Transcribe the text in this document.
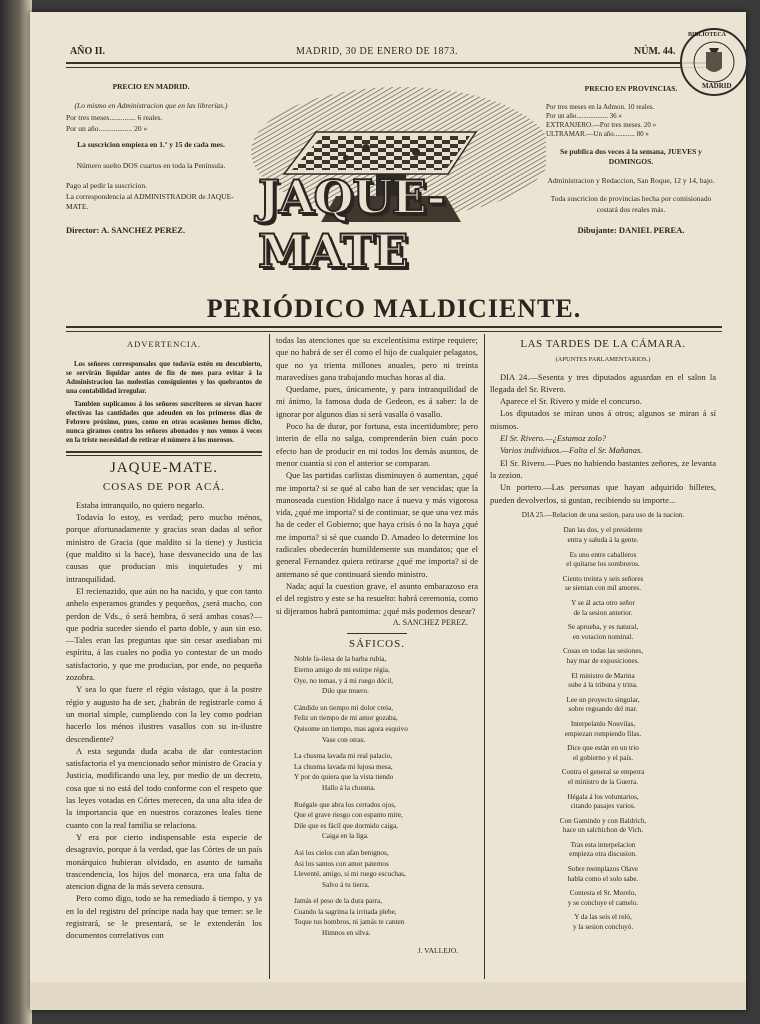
AÑO II.	MADRID, 30 DE ENERO DE 1873.	NÚM. 44.
BIBLIOTECA
MADRID
PRECIO EN MADRID.
(Lo mismo en Administracion que en las librerías.)
Por tres meses.............. 6 reales.
Por un año.................. 20 »
La suscricion empieza en 1.º y 15 de cada mes.
Número suelto DOS cuartos en toda la Península.
Pago al pedir la suscricion.
La correspondencia al ADMINISTRADOR de JAQUE-MATE.
Director: A. SANCHEZ PEREZ.
JAQUE-MATE
PRECIO EN PROVINCIAS.
Por tres meses en la Admon. 10 reales.
Por un año.................. 36 »
EXTRANJERO.—Por tres meses. 20 »
ULTRAMAR.—Un año............ 80 »
Se publica dos veces á la semana, JUEVES y DOMINGOS.
Administracion y Redaccion, San Roque, 12 y 14, bajo.
Toda suscricion de provincias hecha por comisionado costará dos reales más.
Dibujante: DANIEL PEREA.
PERIÓDICO MALDICIENTE.
ADVERTENCIA.
Los señores corresponsales que todavía estén en descubierto, se servirán liquidar antes de fin de mes para evitar á la Administracion las molestias consiguientes y los quebrantos de una contabilidad irregular.
Tambien suplicamos á los señores suscritores se sirvan hacer efectivas las cantidades que adeuden en los primeros dias de Febrero próximo, pues, como en otras ocasiones hemos dicho, nunca giramos contra los señores abonados y nos vemos á veces en la triste necesidad de retirar el número á los morosos.
JAQUE-MATE.
COSAS DE POR ACÁ.

Estaba intranquilo, no quiero negarlo.

Todavía lo estoy, es verdad; pero mucho ménos, porque afortunadamente y gracias sean dadas al señor ministro de Gracia (que maldito si la tiene) y Justicia (que maldito si la hace), hase desvanecido una de las causas que producian mis inquietudes y mi intranquilidad.

El recienazido, que aún no ha nacido, y que con tanto anhelo esperamos grandes y pequeños, ¿será macho, con perdon de Vds., ó será hembra, ó será ambas cosas?—que podria suceder siendo el parto doble, y aun sin eso.—Tales eran las preguntas que sin cesar asediaban mi espíritu, á las cuales no podia yo contestar de un modo satisfactorio, y que me producian, por ende, no pequeña zozobra.

Y sea lo que fuere el régio vástago, que á la postre régio y augusto ha de ser, ¿habrán de registrarle como á un mortal simple, cumpliendo con la ley como podrian hacerlo los ménos ilustres vasallos con su in-ilustre descendiente?

A esta segunda duda acaba de dar contestacion satisfactoria el ya mencionado señor ministro de Gracia y Justicia, modificando una ley, por medio de un decreto, cosa que si no está del todo conforme con el respeto que las leyes votadas en Córtes merecen, da una alta idea de la importancia que en nuestros corazones leales tiene cuanto con la real familia se relaciona.

Y era por cierto indispensable esta especie de desagravio, porque á la verdad, que las Córtes de un país monárquico hubieran olvidado, en asunto de tamaña trascendencia, los hijos del monarca, era una falta de atencion digna de la más severa censura.

Pero como digo, todo se ha remediado á tiempo, y ya en lo del registro del príncipe nada hay que temer: se le registrará, se le presentará, se le extenderán los documentos correlativos con

todas las atenciones que su excelentísima estirpe requiere; que no habrá de ser él como el hijo de cualquier pelagatos, que no ya trienta millones anuales, pero ni treinta maravedises gana trabajando muchas horas al dia.

Quedame, pues, únicamente, y para intranquilidad de mi ánimo, la famosa duda de Gedeon, es á saber: la de ignorar por algunos dias si será vasalla ó vasallo.

Poco ha de durar, por fortuna, esta incertidumbre; pero interin de ella no salga, comprenderán bien cuán poco efecto han de producir en mi todos los demás asuntos, de menor cuantía si con el anterior se comparan.

Que las partidas carlistas disminuyen ó aumentan, ¿qué me importa? si se qué al cabo han de ser vencidas; que la manoseada cuestion Hidalgo nace á nueva y más vigorosa vida, ¿qué me importa? si de continuar, se que una vez más ha de ceder el Gobierno; que haya crisis ó no la haya ¿qué me importa? si sé que cuando D. Amadeo lo determine los radicales obedecerán humildemente sus mandatos; que el general Fernandez quiera retirarse ¿qué me importa? si de antemano sé que continuará siendo ministro.

Nada; aquí la cuestion grave, el asunto embarazoso era el del registro y este se ha resuelto: habrá ceremonia, como si dijeramos habrá pantomima: ¿qué más podemos desear?

A. SANCHEZ PEREZ.
SÁFICOS.
Noble fa-ilesa de la barba rubia,
Eterno amigo de mi estirpe régia,
Oye, no temas, y á mi ruego dócil,
Dilo que muero.
Cándido un tiempo mi dolor creia,
Feliz un tiempo de mi amor gozaba,
Quisome un tiempo, mas agora esquivo
Vase con otras.
La chusma lavada mi real palacio,
La chusma lavada mi lujosa mesa,
Y por do quiera que la vista tiendo
Hallo á la chusma.
Ruégale que abra los cerrados ojos,
Que el grave riesgo con espanto mire,
Dile que es fácil que dormido caiga,
Caiga en la liga.
Asi los cielos con afan benignos,
Asi los santos con amor paternos
Lleventé, amigo, si mi ruego escuchas,
Salvo á tu tierra.
Jamás el peso de la dura parra,
Cuando la sagrima la irritada plebe,
Toque tus hombros, ni jamás te canten
Himnos en silva.
J. VALLEJO.
LAS TARDES DE LA CÁMARA.
(APUNTES PARLAMENTARIOS.)

DIA 24.—Sesenta y tres diputados aguardan en el salon la llegada del Sr. Rivero.

Aparece el Sr. Rivero y mide el concurso.

Los diputados se miran unos á otros; algunos se miran á sí mismos.

El Sr. Rivero.—¿Estamoz zolo?

Varios individuos.—Falta el Sr. Mañanas.

El Sr. Rivero.—Pues no habiendo bastantes zeñores, ze levanta la zezion.

Un portero.—Las personas que hayan adquirido billetes, pueden devolverlos, si gustan, recibiendo su importe...

DIA 25.—Relacion de una sesion, para uso de la nacion.
Dan las dos, y el presidente
entra y saluda á la gente.
Es uno entre caballeros
el quitarse los sombreros.
Ciento treinta y seis señores
se sientan con mil amores.
Y se ál acta otro señor
de la sesion anterior.
Se aprueba, y es natural,
en votacion nominal.
Cosas en todas las sesiones,
hay mar de exposiciones.
El ministro de Marina
sube á la tribuna y trina.
Lee un proyecto singular,
sobre reguando del mar.
Interpelanlo Nouvilas,
empiezan rompiendo filas.
Dice que están en un trio
el gobierno y el país.
Contra el general se emperra
el ministro de la Guerra.
Hégala á los voluntarios,
citando pasajes varios.
Con Gamindo y con Baldrich,
hace un salchichon de Vich.
Tras esta interpelacion
empieza otra discusion.
Sobre reemplazos Olave
habla como el solo sabe.
Contesta el Sr. Morelo,
y se concluye el camelo.
Y da las seis el reló,
y la sesion concluyó.
